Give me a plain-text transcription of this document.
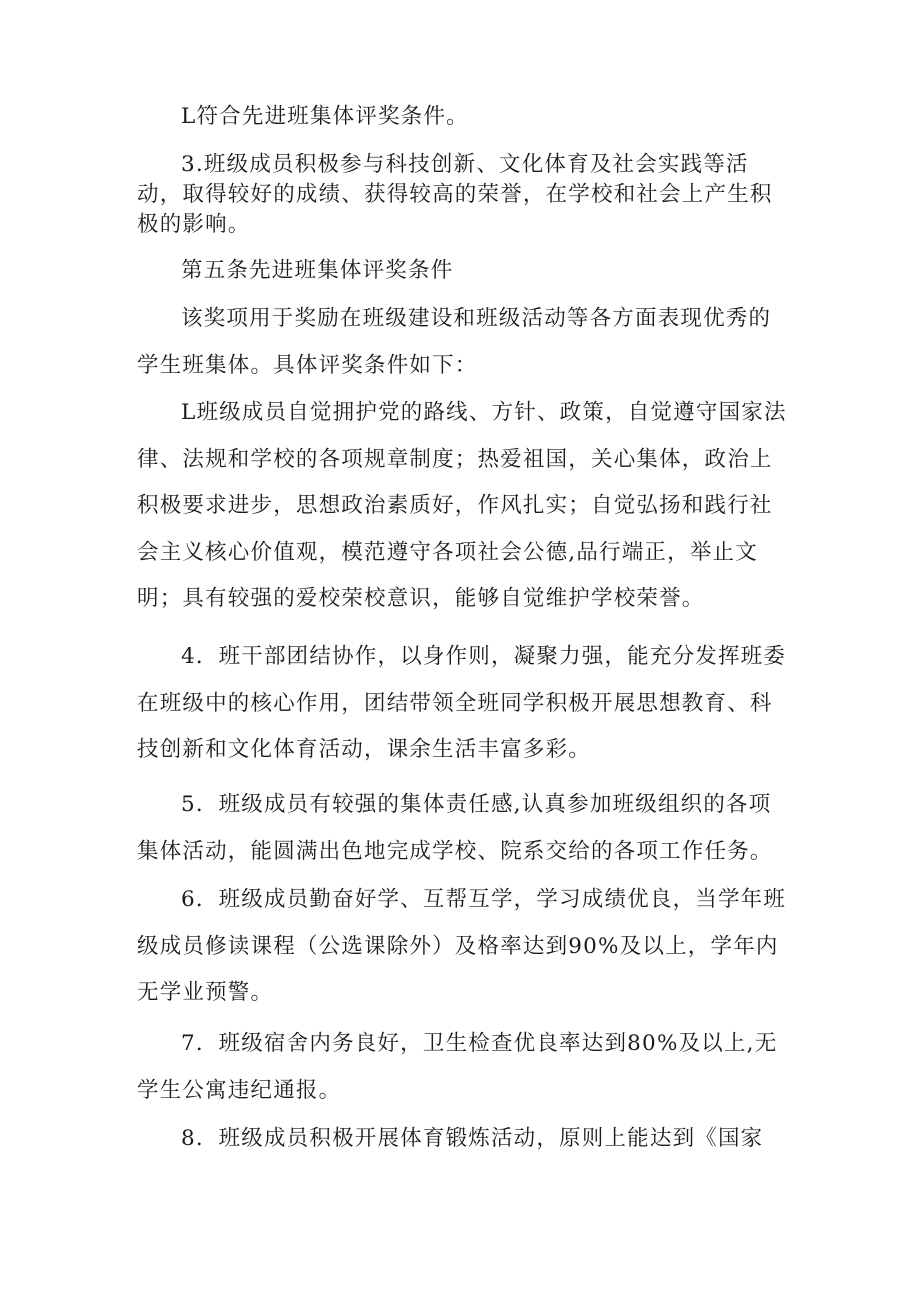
L符合先进班集体评奖条件。

3.班级成员积极参与科技创新、文化体育及社会实践等活动，取得较好的成绩、获得较高的荣誉，在学校和社会上产生积极的影响。

第五条先进班集体评奖条件

该奖项用于奖励在班级建设和班级活动等各方面表现优秀的学生班集体。具体评奖条件如下：

L班级成员自觉拥护党的路线、方针、政策，自觉遵守国家法律、法规和学校的各项规章制度；热爱祖国，关心集体，政治上积极要求进步，思想政治素质好，作风扎实；自觉弘扬和践行社会主义核心价值观，模范遵守各项社会公德,品行端正，举止文明；具有较强的爱校荣校意识，能够自觉维护学校荣誉。

4．班干部团结协作，以身作则，凝聚力强，能充分发挥班委在班级中的核心作用，团结带领全班同学积极开展思想教育、科技创新和文化体育活动，课余生活丰富多彩。

5．班级成员有较强的集体责任感,认真参加班级组织的各项集体活动，能圆满出色地完成学校、院系交给的各项工作任务。

6．班级成员勤奋好学、互帮互学，学习成绩优良，当学年班级成员修读课程（公选课除外）及格率达到90%及以上，学年内无学业预警。

7．班级宿舍内务良好，卫生检查优良率达到80%及以上,无学生公寓违纪通报。

8．班级成员积极开展体育锻炼活动，原则上能达到《国家
